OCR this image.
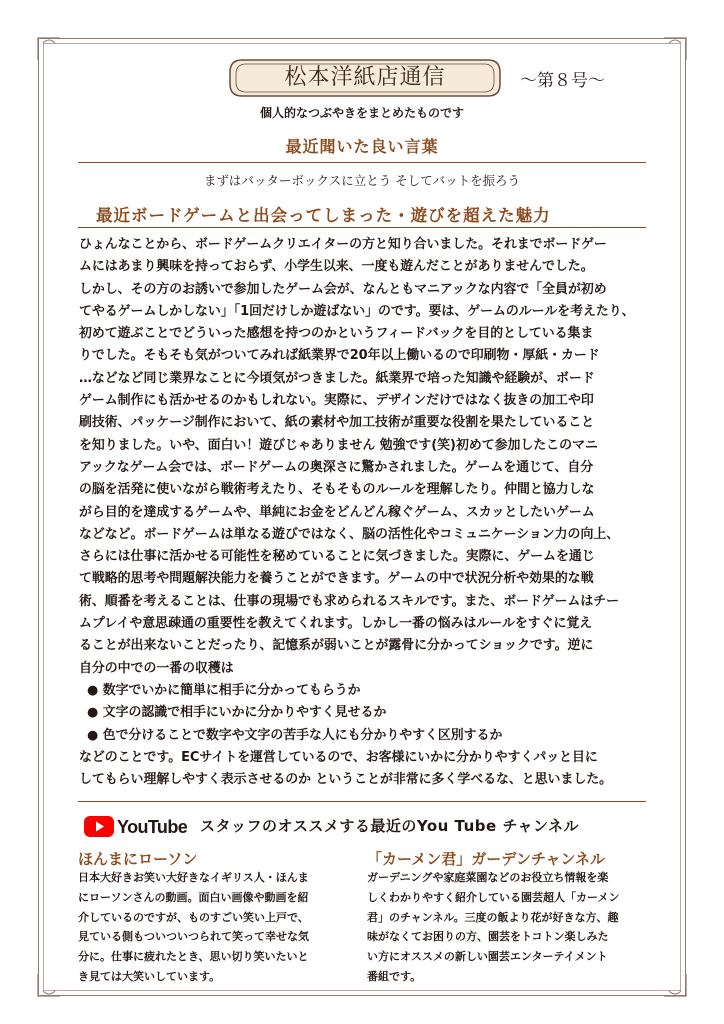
松本洋紙店通信	〜第８号〜
個人的なつぶやきをまとめたものです
最近聞いた良い言葉
まずはバッターボックスに立とう そしてバットを振ろう
最近ボードゲームと出会ってしまった・遊びを超えた魅力
ひょんなことから、ボードゲームクリエイターの方と知り合いました。それまでボードゲー
ムにはあまり興味を持っておらず、小学生以来、一度も遊んだことがありませんでした。
しかし、その方のお誘いで参加したゲーム会が、なんともマニアックな内容で「全員が初め
てやるゲームしかしない」「1回だけしか遊ばない」のです。要は、ゲームのルールを考えたり、
初めて遊ぶことでどういった感想を持つのかというフィードバックを目的としている集ま
りでした。そもそも気がついてみれば紙業界で20年以上働いるので印刷物・厚紙・カード
…などなど同じ業界なことに今頃気がつきました。紙業界で培った知識や経験が、ボード
ゲーム制作にも活かせるのかもしれない。実際に、デザインだけではなく抜きの加工や印
刷技術、パッケージ制作において、紙の素材や加工技術が重要な役割を果たしていること
を知りました。いや、面白い！遊びじゃありません 勉強です(笑)初めて参加したこのマニ
アックなゲーム会では、ボードゲームの奥深さに驚かされました。ゲームを通じて、自分
の脳を活発に使いながら戦術考えたり、そもそものルールを理解したり。仲間と協力しな
がら目的を達成するゲームや、単純にお金をどんどん稼ぐゲーム、スカッとしたいゲーム
などなど。ボードゲームは単なる遊びではなく、脳の活性化やコミュニケーション力の向上、
さらには仕事に活かせる可能性を秘めていることに気づきました。実際に、ゲームを通じ
て戦略的思考や問題解決能力を養うことができます。ゲームの中で状況分析や効果的な戦
術、順番を考えることは、仕事の現場でも求められるスキルです。また、ボードゲームはチー
ムプレイや意思疎通の重要性を教えてくれます。しかし一番の悩みはルールをすぐに覚え
ることが出来ないことだったり、記憶系が弱いことが露骨に分かってショックです。逆に
自分の中での一番の収穫は
● 数字でいかに簡単に相手に分かってもらうか
● 文字の認識で相手にいかに分かりやすく見せるか
● 色で分けることで数字や文字の苦手な人にも分かりやすく区別するか
などのことです。ECサイトを運営しているので、お客様にいかに分かりやすくパッと目に
してもらい理解しやすく表示させるのか ということが非常に多く学べるな、と思いました。
YouTube スタッフのオススメする最近のYou Tube チャンネル
ほんまにローソン
日本大好きお笑い大好きなイギリス人・ほんま
にローソンさんの動画。面白い画像や動画を紹
介しているのですが、ものすごい笑い上戸で、
見ている側もついついつられて笑って幸せな気
分に。仕事に疲れたとき、思い切り笑いたいと
き見ては大笑いしています。
「カーメン君」ガーデンチャンネル
ガーデニングや家庭菜園などのお役立ち情報を楽
しくわかりやすく紹介している園芸超人「カーメン
君」のチャンネル。三度の飯より花が好きな方、趣
味がなくてお困りの方、園芸をトコトン楽しみた
い方にオススメの新しい園芸エンターテイメント
番組です。
